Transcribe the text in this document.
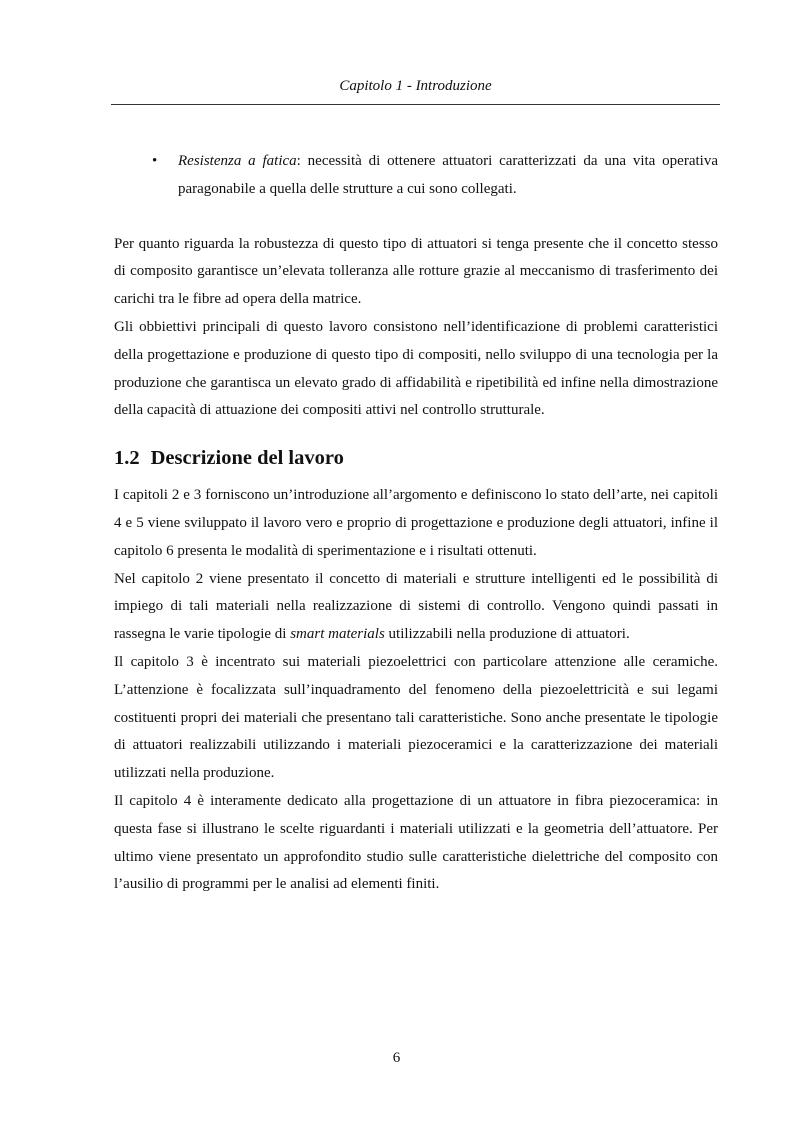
Capitolo 1 - Introduzione
• Resistenza a fatica: necessità di ottenere attuatori caratterizzati da una vita operativa paragonabile a quella delle strutture a cui sono collegati.

Per quanto riguarda la robustezza di questo tipo di attuatori si tenga presente che il concetto stesso di composito garantisce un’elevata tolleranza alle rotture grazie al meccanismo di trasferimento dei carichi tra le fibre ad opera della matrice.

Gli obbiettivi principali di questo lavoro consistono nell’identificazione di problemi caratteristici della progettazione e produzione di questo tipo di compositi, nello sviluppo di una tecnologia per la produzione che garantisca un elevato grado di affidabilità e ripetibilità ed infine nella dimostrazione della capacità di attuazione dei compositi attivi nel controllo strutturale.

1.2 Descrizione del lavoro

I capitoli 2 e 3 forniscono un’introduzione all’argomento e definiscono lo stato dell’arte, nei capitoli 4 e 5 viene sviluppato il lavoro vero e proprio di progettazione e produzione degli attuatori, infine il capitolo 6 presenta le modalità di sperimentazione e i risultati ottenuti.

Nel capitolo 2 viene presentato il concetto di materiali e strutture intelligenti ed le possibilità di impiego di tali materiali nella realizzazione di sistemi di controllo. Vengono quindi passati in rassegna le varie tipologie di smart materials utilizzabili nella produzione di attuatori.

Il capitolo 3 è incentrato sui materiali piezoelettrici con particolare attenzione alle ceramiche. L’attenzione è focalizzata sull’inquadramento del fenomeno della piezoelettricità e sui legami costituenti propri dei materiali che presentano tali caratteristiche. Sono anche presentate le tipologie di attuatori realizzabili utilizzando i materiali piezoceramici e la caratterizzazione dei materiali utilizzati nella produzione.

Il capitolo 4 è interamente dedicato alla progettazione di un attuatore in fibra piezoceramica: in questa fase si illustrano le scelte riguardanti i materiali utilizzati e la geometria dell’attuatore. Per ultimo viene presentato un approfondito studio sulle caratteristiche dielettriche del composito con l’ausilio di programmi per le analisi ad elementi finiti.

6
